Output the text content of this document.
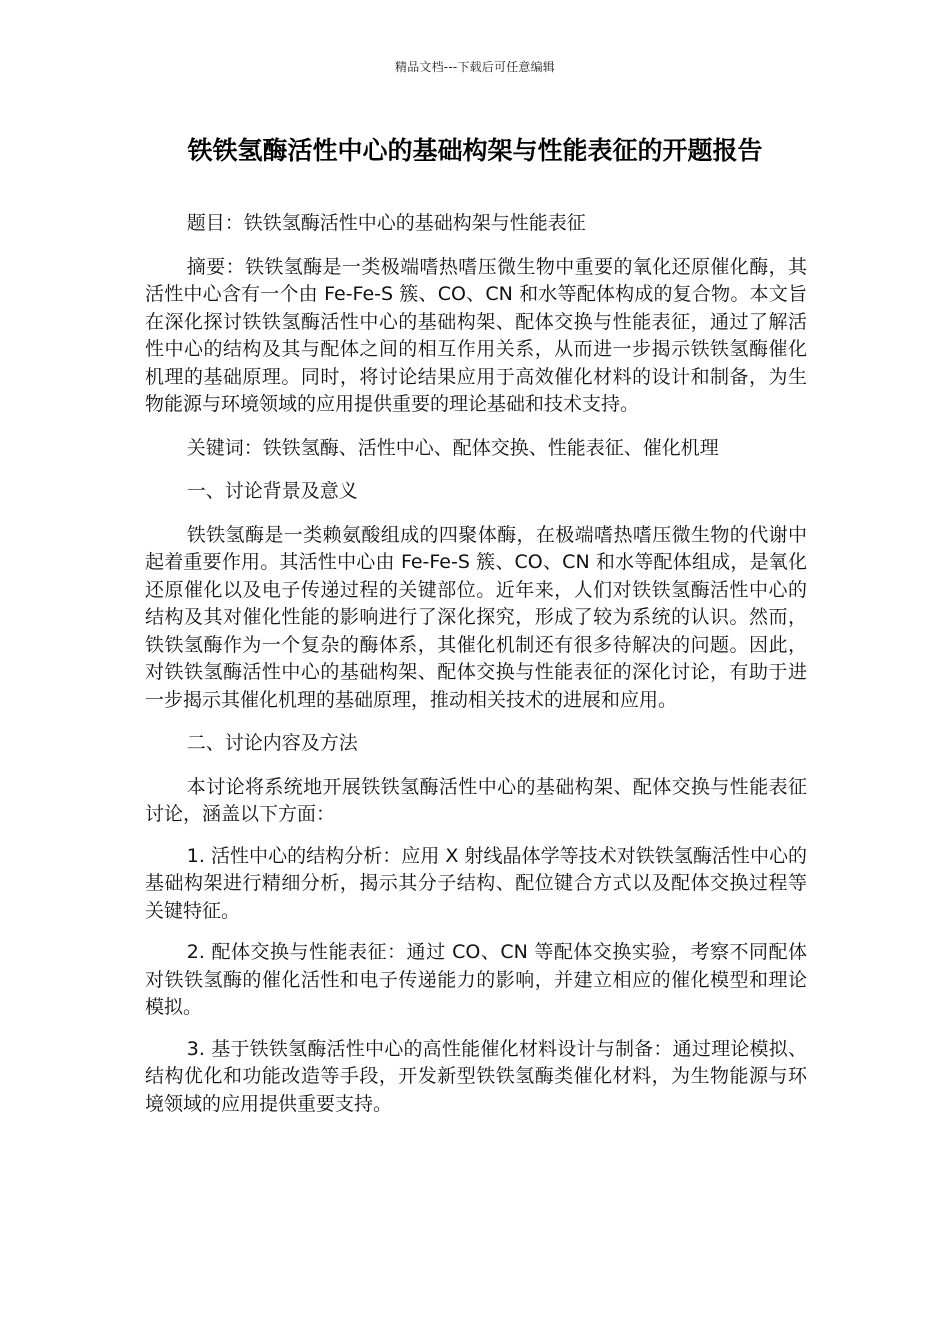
精品文档---下载后可任意编辑
铁铁氢酶活性中心的基础构架与性能表征的开题报告

题目：铁铁氢酶活性中心的基础构架与性能表征

摘要：铁铁氢酶是一类极端嗜热嗜压微生物中重要的氧化还原催化酶，其活性中心含有一个由 Fe-Fe-S 簇、CO、CN 和水等配体构成的复合物。本文旨在深化探讨铁铁氢酶活性中心的基础构架、配体交换与性能表征，通过了解活性中心的结构及其与配体之间的相互作用关系，从而进一步揭示铁铁氢酶催化机理的基础原理。同时，将讨论结果应用于高效催化材料的设计和制备，为生物能源与环境领域的应用提供重要的理论基础和技术支持。

关键词：铁铁氢酶、活性中心、配体交换、性能表征、催化机理

一、讨论背景及意义

铁铁氢酶是一类赖氨酸组成的四聚体酶，在极端嗜热嗜压微生物的代谢中起着重要作用。其活性中心由 Fe-Fe-S 簇、CO、CN 和水等配体组成，是氧化还原催化以及电子传递过程的关键部位。近年来，人们对铁铁氢酶活性中心的结构及其对催化性能的影响进行了深化探究，形成了较为系统的认识。然而，铁铁氢酶作为一个复杂的酶体系，其催化机制还有很多待解决的问题。因此，对铁铁氢酶活性中心的基础构架、配体交换与性能表征的深化讨论，有助于进一步揭示其催化机理的基础原理，推动相关技术的进展和应用。

二、讨论内容及方法

本讨论将系统地开展铁铁氢酶活性中心的基础构架、配体交换与性能表征讨论，涵盖以下方面：

1. 活性中心的结构分析：应用 X 射线晶体学等技术对铁铁氢酶活性中心的基础构架进行精细分析，揭示其分子结构、配位键合方式以及配体交换过程等关键特征。

2. 配体交换与性能表征：通过 CO、CN 等配体交换实验，考察不同配体对铁铁氢酶的催化活性和电子传递能力的影响，并建立相应的催化模型和理论模拟。

3. 基于铁铁氢酶活性中心的高性能催化材料设计与制备：通过理论模拟、结构优化和功能改造等手段，开发新型铁铁氢酶类催化材料，为生物能源与环境领域的应用提供重要支持。
